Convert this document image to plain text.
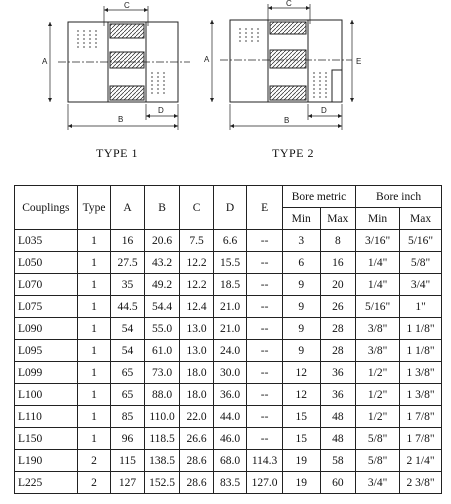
C
A
B
D
C
A	E
B
D
TYPE 1	TYPE 2
Couplings	Type	A	B	C	D	E	Bore metric		Bore inch	
							Min	Max	Min	Max
L035	1	16	20.6	7.5	6.6	--	3	8	3/16"	5/16"
L050	1	27.5	43.2	12.2	15.5	--	6	16	1/4"	5/8"
L070	1	35	49.2	12.2	18.5	--	9	20	1/4"	3/4"
L075	1	44.5	54.4	12.4	21.0	--	9	26	5/16"	1"
L090	1	54	55.0	13.0	21.0	--	9	28	3/8"	1 1/8"
L095	1	54	61.0	13.0	24.0	--	9	28	3/8"	1 1/8"
L099	1	65	73.0	18.0	30.0	--	12	36	1/2"	1 3/8"
L100	1	65	88.0	18.0	36.0	--	12	36	1/2"	1 3/8"
L110	1	85	110.0	22.0	44.0	--	15	48	1/2"	1 7/8"
L150	1	96	118.5	26.6	46.0	--	15	48	5/8"	1 7/8"
L190	2	115	138.5	28.6	68.0	114.3	19	58	5/8"	2 1/4"
L225	2	127	152.5	28.6	83.5	127.0	19	60	3/4"	2 3/8"
